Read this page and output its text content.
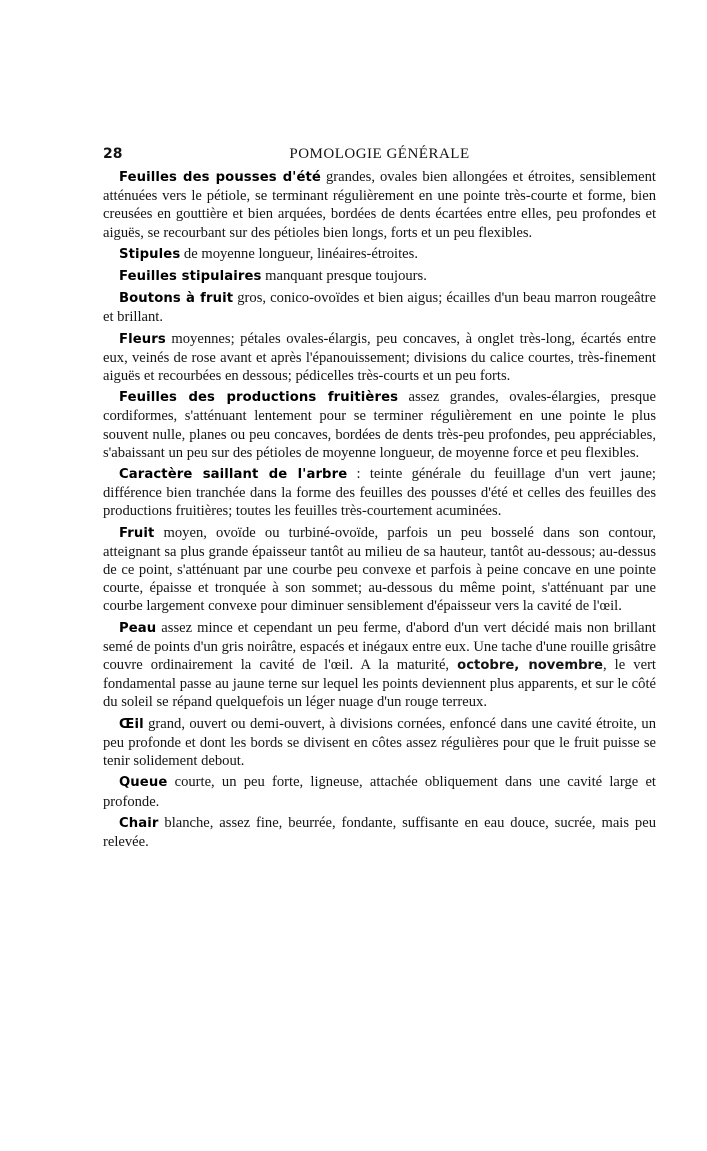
28	POMOLOGIE GÉNÉRALE

Feuilles des pousses d'été grandes, ovales bien allongées et étroites, sensiblement atténuées vers le pétiole, se terminant régulièrement en une pointe très-courte et forme, bien creusées en gouttière et bien arquées, bordées de dents écartées entre elles, peu profondes et aiguës, se recourbant sur des pétioles bien longs, forts et un peu flexibles.

Stipules de moyenne longueur, linéaires-étroites.

Feuilles stipulaires manquant presque toujours.

Boutons à fruit gros, conico-ovoïdes et bien aigus; écailles d'un beau marron rougeâtre et brillant.

Fleurs moyennes; pétales ovales-élargis, peu concaves, à onglet très-long, écartés entre eux, veinés de rose avant et après l'épanouissement; divisions du calice courtes, très-finement aiguës et recourbées en dessous; pédicelles très-courts et un peu forts.

Feuilles des productions fruitières assez grandes, ovales-élargies, presque cordiformes, s'atténuant lentement pour se terminer régulièrement en une pointe le plus souvent nulle, planes ou peu concaves, bordées de dents très-peu profondes, peu appréciables, s'abaissant un peu sur des pétioles de moyenne longueur, de moyenne force et peu flexibles.

Caractère saillant de l'arbre : teinte générale du feuillage d'un vert jaune; différence bien tranchée dans la forme des feuilles des pousses d'été et celles des feuilles des productions fruitières; toutes les feuilles très-courtement acuminées.

Fruit moyen, ovoïde ou turbiné-ovoïde, parfois un peu bosselé dans son contour, atteignant sa plus grande épaisseur tantôt au milieu de sa hauteur, tantôt au-dessous; au-dessus de ce point, s'atténuant par une courbe peu convexe et parfois à peine concave en une pointe courte, épaisse et tronquée à son sommet; au-dessous du même point, s'atténuant par une courbe largement convexe pour diminuer sensiblement d'épaisseur vers la cavité de l'œil.

Peau assez mince et cependant un peu ferme, d'abord d'un vert décidé mais non brillant semé de points d'un gris noirâtre, espacés et inégaux entre eux. Une tache d'une rouille grisâtre couvre ordinairement la cavité de l'œil. A la maturité, octobre, novembre, le vert fondamental passe au jaune terne sur lequel les points deviennent plus apparents, et sur le côté du soleil se répand quelquefois un léger nuage d'un rouge terreux.

Œil grand, ouvert ou demi-ouvert, à divisions cornées, enfoncé dans une cavité étroite, un peu profonde et dont les bords se divisent en côtes assez régulières pour que le fruit puisse se tenir solidement debout.

Queue courte, un peu forte, ligneuse, attachée obliquement dans une cavité large et profonde.

Chair blanche, assez fine, beurrée, fondante, suffisante en eau douce, sucrée, mais peu relevée.
